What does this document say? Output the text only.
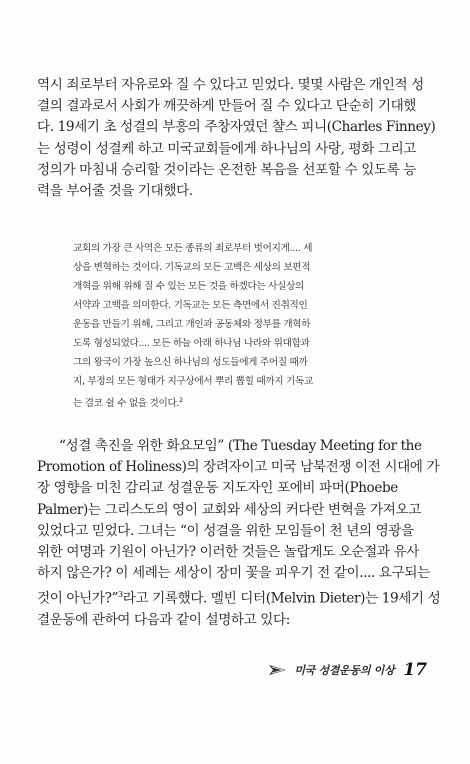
역시 죄로부터 자유로와 질 수 있다고 믿었다. 몇몇 사람은 개인적 성
결의 결과로서 사회가 깨끗하게 만들어 질 수 있다고 단순히 기대했
다. 19세기 초 성결의 부흥의 주창자였던 챨스 피니(Charles Finney)
는 성령이 성결케 하고 미국교회들에게 하나님의 사랑, 평화 그리고
정의가 마침내 승리할 것이라는 온전한 복음을 선포할 수 있도록 능
력을 부어줄 것을 기대했다.
교회의 가장 큰 사역은 모든 종류의 죄로부터 벗어지게.... 세
상을 변혁하는 것이다. 기독교의 모든 고백은 세상의 보편적
개혁을 위해 위해 질 수 있는 모든 것을 하겠다는 사실상의
서약과 고백을 의미한다. 기독교는 모든 측면에서 진취적인
운동을 만들기 위해, 그리고 개인과 공동체와 정부를 개혁하
도록 형성되었다.... 모든 하늘 아래 하나님 나라와 위대함과
그의 왕국이 가장 높으신 하나님의 성도들에게 주어질 때까
지, 부정의 모든 형태가 지구상에서 뿌리 뽑힐 때까지 기독교
는 결코 쉴 수 없을 것이다.$^2$
“성결 촉진을 위한 화요모임” (The Tuesday Meeting for the
Promotion of Holiness)의 장려자이고 미국 남북전쟁 이전 시대에 가
장 영향을 미친 감리교 성결운동 지도자인 포에비 파머(Phoebe
Palmer)는 그리스도의 영이 교회와 세상의 커다란 변혁을 가져오고
있었다고 믿었다. 그녀는 “이 성결을 위한 모임들이 천 년의 영광을
위한 여명과 기원이 아닌가? 이러한 것들은 놀랍게도 오순절과 유사
하지 않은가? 이 세례는 세상이 장미 꽃을 피우기 전 같이.... 요구되는
것이 아닌가?”$^3$라고 기록했다. 멜빈 디터(Melvin Dieter)는 19세기 성
결운동에 관하여 다음과 같이 설명하고 있다:
미국 성결운동의 이상 17
